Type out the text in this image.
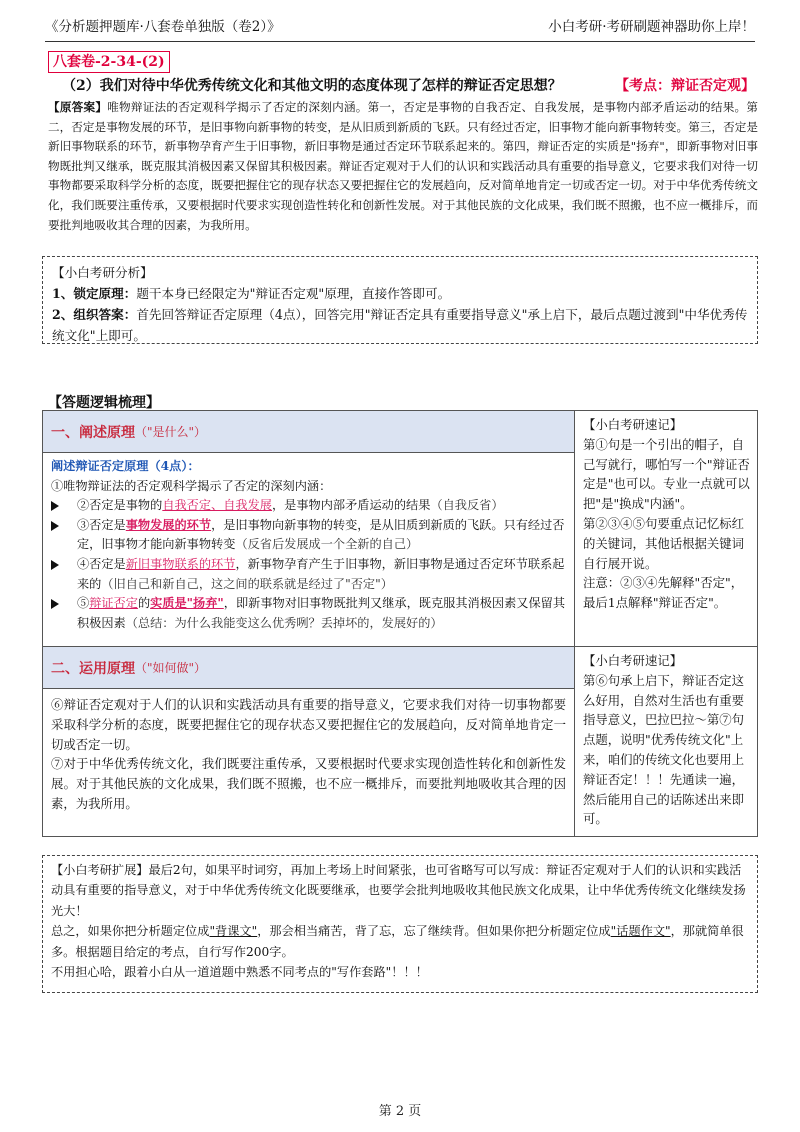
《分析题押题库·八套卷单独版（卷2）》	小白考研·考研刷题神器助你上岸！
八套卷-2-34-(2)
（2）我们对待中华优秀传统文化和其他文明的态度体现了怎样的辩证否定思想？	【考点：辩证否定观】
【原答案】唯物辩证法的否定观科学揭示了否定的深刻内涵。第一，否定是事物的自我否定、自我发展，是事物内部矛盾运动的结果。第二，否定是事物发展的环节，是旧事物向新事物的转变，是从旧质到新质的飞跃。只有经过否定，旧事物才能向新事物转变。第三，否定是新旧事物联系的环节，新事物孕育产生于旧事物，新旧事物是通过否定环节联系起来的。第四，辩证否定的实质是"扬弃"，即新事物对旧事物既批判又继承，既克服其消极因素又保留其积极因素。辩证否定观对于人们的认识和实践活动具有重要的指导意义，它要求我们对待一切事物都要采取科学分析的态度，既要把握住它的现存状态又要把握住它的发展趋向，反对简单地肯定一切或否定一切。对于中华优秀传统文化，我们既要注重传承，又要根据时代要求实现创造性转化和创新性发展。对于其他民族的文化成果，我们既不照搬，也不应一概排斥，而要批判地吸收其合理的因素，为我所用。
【小白考研分析】
1、锁定原理：题干本身已经限定为"辩证否定观"原理，直接作答即可。
2、组织答案：首先回答辩证否定原理（4点），回答完用"辩证否定具有重要指导意义"承上启下，最后点题过渡到"中华优秀传统文化"上即可。
【答题逻辑梳理】
一、阐述原理 （"是什么"）
阐述辩证否定原理（4点）：
①唯物辩证法的否定观科学揭示了否定的深刻内涵：
②否定是事物的自我否定、自我发展，是事物内部矛盾运动的结果（自我反省）
③否定是事物发展的环节，是旧事物向新事物的转变，是从旧质到新质的飞跃。只有经过否定，旧事物才能向新事物转变（反省后发展成一个全新的自己）
④否定是新旧事物联系的环节，新事物孕育产生于旧事物，新旧事物是通过否定环节联系起来的（旧自己和新自己，这之间的联系就是经过了"否定"）
⑤辩证否定的实质是"扬弃"，即新事物对旧事物既批判又继承，既克服其消极因素又保留其积极因素（总结：为什么我能变这么优秀咧？丢掉坏的，发展好的）
二、运用原理 （"如何做"）
⑥辩证否定观对于人们的认识和实践活动具有重要的指导意义，它要求我们对待一切事物都要采取科学分析的态度，既要把握住它的现存状态又要把握住它的发展趋向，反对简单地肯定一切或否定一切。
⑦对于中华优秀传统文化，我们既要注重传承，又要根据时代要求实现创造性转化和创新性发展。对于其他民族的文化成果，我们既不照搬，也不应一概排斥，而要批判地吸收其合理的因素，为我所用。
【小白考研速记】
第①句是一个引出的帽子，自己写就行，哪怕写一个"辩证否定是"也可以。专业一点就可以把"是"换成"内涵"。
第②③④⑤句要重点记忆标红的关键词，其他话根据关键词自行展开说。
注意：②③④先解释"否定"，最后1点解释"辩证否定"。
【小白考研速记】
第⑥句承上启下，辩证否定这么好用，自然对生活也有重要指导意义，巴拉巴拉～第⑦句点题，说明"优秀传统文化"上来，咱们的传统文化也要用上辩证否定！！！先通读一遍，然后能用自己的话陈述出来即可。
【小白考研扩展】最后2句，如果平时词穷，再加上考场上时间紧张，也可省略写可以写成：辩证否定观对于人们的认识和实践活动具有重要的指导意义，对于中华优秀传统文化既要继承，也要学会批判地吸收其他民族文化成果，让中华优秀传统文化继续发扬光大！
总之，如果你把分析题定位成"背课文"，那会相当痛苦，背了忘，忘了继续背。但如果你把分析题定位成"话题作文"，那就简单很多。根据题目给定的考点，自行写作200字。
不用担心哈，跟着小白从一道道题中熟悉不同考点的"写作套路"！！！
第 2 页
